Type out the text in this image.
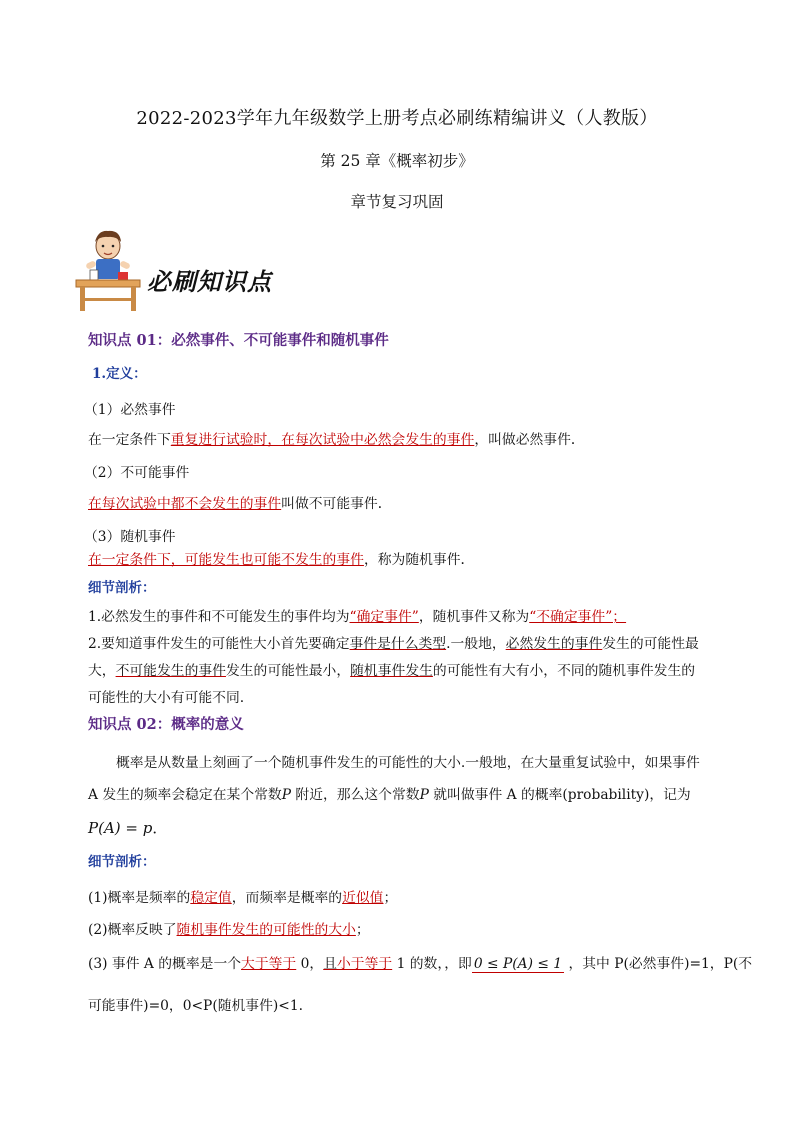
2022-2023学年九年级数学上册考点必刷练精编讲义（人教版）
第 25 章《概率初步》
章节复习巩固
必刷知识点
知识点 01：必然事件、不可能事件和随机事件
1.定义：
（1）必然事件
在一定条件下重复进行试验时，在每次试验中必然会发生的事件，叫做必然事件．
（2）不可能事件
在每次试验中都不会发生的事件叫做不可能事件．
（3）随机事件
在一定条件下，可能发生也可能不发生的事件，称为随机事件．
细节剖析：
1.必然发生的事件和不可能发生的事件均为“确定事件”，随机事件又称为“不确定事件”；
2.要知道事件发生的可能性大小首先要确定事件是什么类型.一般地，必然发生的事件发生的可能性最
大，不可能发生的事件发生的可能性最小，随机事件发生的可能性有大有小，不同的随机事件发生的
可能性的大小有可能不同.
知识点 02：概率的意义
概率是从数量上刻画了一个随机事件发生的可能性的大小.一般地，在大量重复试验中，如果事件
A 发生的频率会稳定在某个常数P 附近，那么这个常数P 就叫做事件 A 的概率(probability)，记为
P(A) = p．
细节剖析：
(1)概率是频率的稳定值，而频率是概率的近似值；
(2)概率反映了随机事件发生的可能性的大小；
(3) 事件 A 的概率是一个大于等于 0，且小于等于 1 的数，，即 0 ≤ P(A) ≤ 1 ，其中 P(必然事件)=1，P(不
可能事件)=0，0<P(随机事件)<1.
